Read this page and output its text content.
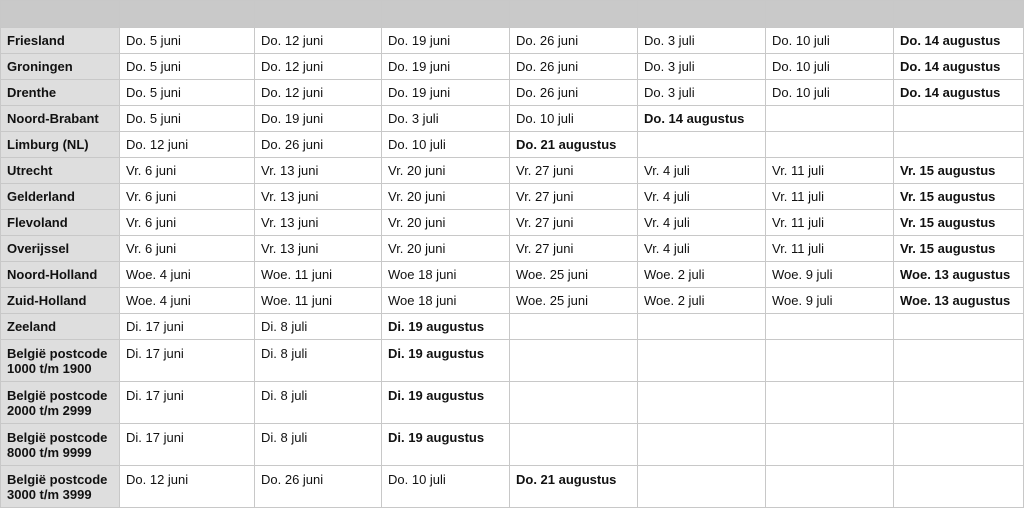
Friesland	Do. 5 juni	Do. 12 juni	Do. 19 juni	Do. 26 juni	Do. 3 juli	Do. 10 juli	Do. 14 augustus
Groningen	Do. 5 juni	Do. 12 juni	Do. 19 juni	Do. 26 juni	Do. 3 juli	Do. 10 juli	Do. 14 augustus
Drenthe	Do. 5 juni	Do. 12 juni	Do. 19 juni	Do. 26 juni	Do. 3 juli	Do. 10 juli	Do. 14 augustus
Noord-Brabant	Do. 5 juni	Do. 19 juni	Do. 3 juli	Do. 10 juli	Do. 14 augustus		
Limburg (NL)	Do. 12 juni	Do. 26 juni	Do. 10 juli	Do. 21 augustus			
Utrecht	Vr. 6 juni	Vr. 13 juni	Vr. 20 juni	Vr. 27 juni	Vr. 4 juli	Vr. 11 juli	Vr. 15 augustus
Gelderland	Vr. 6 juni	Vr. 13 juni	Vr. 20 juni	Vr. 27 juni	Vr. 4 juli	Vr. 11 juli	Vr. 15 augustus
Flevoland	Vr. 6 juni	Vr. 13 juni	Vr. 20 juni	Vr. 27 juni	Vr. 4 juli	Vr. 11 juli	Vr. 15 augustus
Overijssel	Vr. 6 juni	Vr. 13 juni	Vr. 20 juni	Vr. 27 juni	Vr. 4 juli	Vr. 11 juli	Vr. 15 augustus
Noord-Holland	Woe. 4 juni	Woe. 11 juni	Woe 18 juni	Woe. 25 juni	Woe. 2 juli	Woe. 9 juli	Woe. 13 augustus
Zuid-Holland	Woe. 4 juni	Woe. 11 juni	Woe 18 juni	Woe. 25 juni	Woe. 2 juli	Woe. 9 juli	Woe. 13 augustus
Zeeland	Di. 17 juni	Di. 8 juli	Di. 19 augustus				
België postcode 1000 t/m 1900	Di. 17 juni	Di. 8 juli	Di. 19 augustus				
België postcode 2000 t/m 2999	Di. 17 juni	Di. 8 juli	Di. 19 augustus				
België postcode 8000 t/m 9999	Di. 17 juni	Di. 8 juli	Di. 19 augustus				
België postcode 3000 t/m 3999	Do. 12 juni	Do. 26 juni	Do. 10 juli	Do. 21 augustus			
